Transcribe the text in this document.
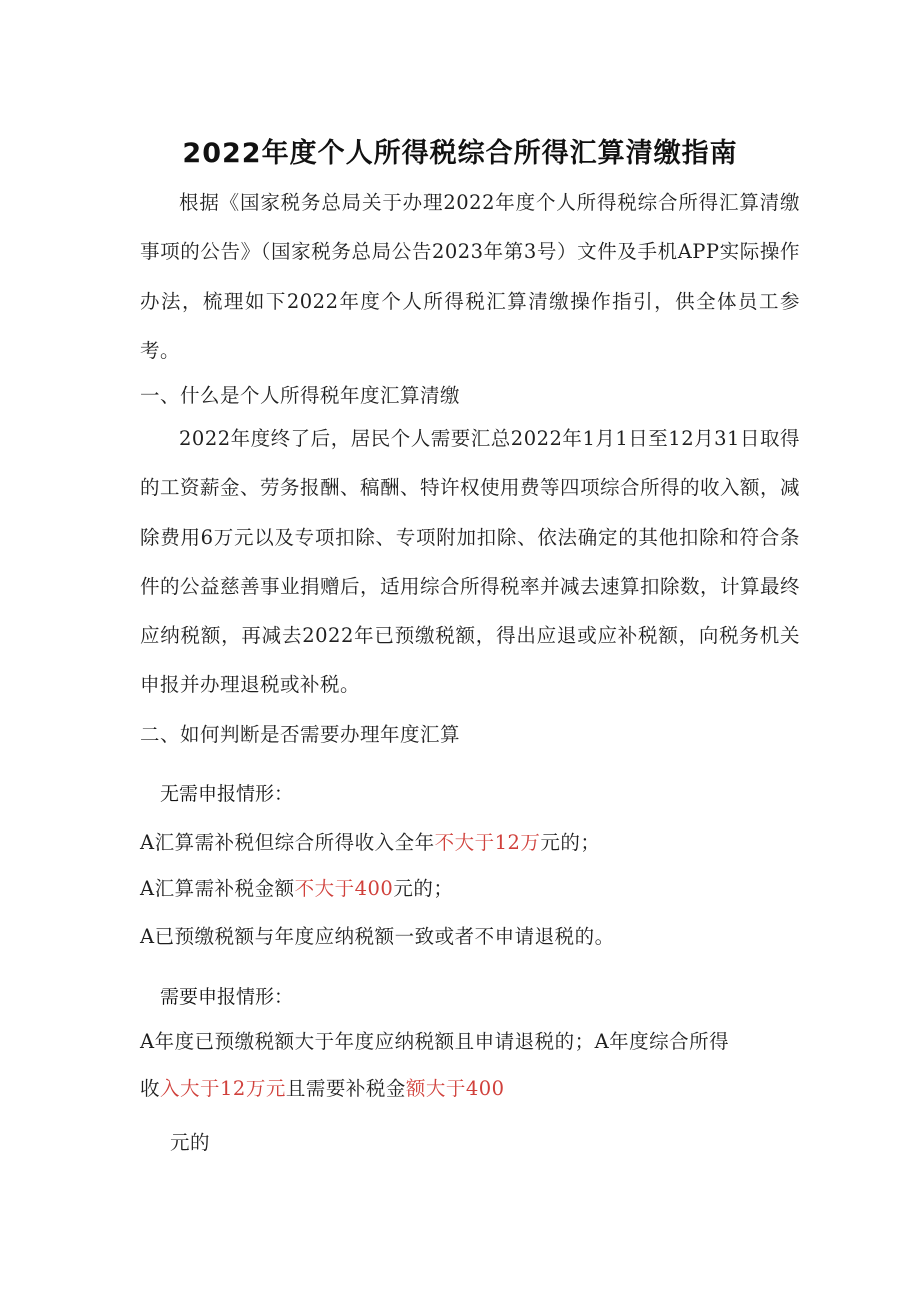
2022年度个人所得税综合所得汇算清缴指南

根据《国家税务总局关于办理2022年度个人所得税综合所得汇算清缴事项的公告》（国家税务总局公告2023年第3号）文件及手机APP实际操作办法，梳理如下2022年度个人所得税汇算清缴操作指引，供全体员工参考。

一、什么是个人所得税年度汇算清缴

2022年度终了后，居民个人需要汇总2022年1月1日至12月31日取得的工资薪金、劳务报酬、稿酬、特许权使用费等四项综合所得的收入额，减除费用6万元以及专项扣除、专项附加扣除、依法确定的其他扣除和符合条件的公益慈善事业捐赠后，适用综合所得税率并减去速算扣除数，计算最终应纳税额，再减去2022年已预缴税额，得出应退或应补税额，向税务机关申报并办理退税或补税。

二、如何判断是否需要办理年度汇算

无需申报情形：

A汇算需补税但综合所得收入全年不大于12万元的；

A汇算需补税金额不大于400元的；

A已预缴税额与年度应纳税额一致或者不申请退税的。

需要申报情形：

A年度已预缴税额大于年度应纳税额且申请退税的；A年度综合所得

收入大于12万元且需要补税金额大于400

元的
